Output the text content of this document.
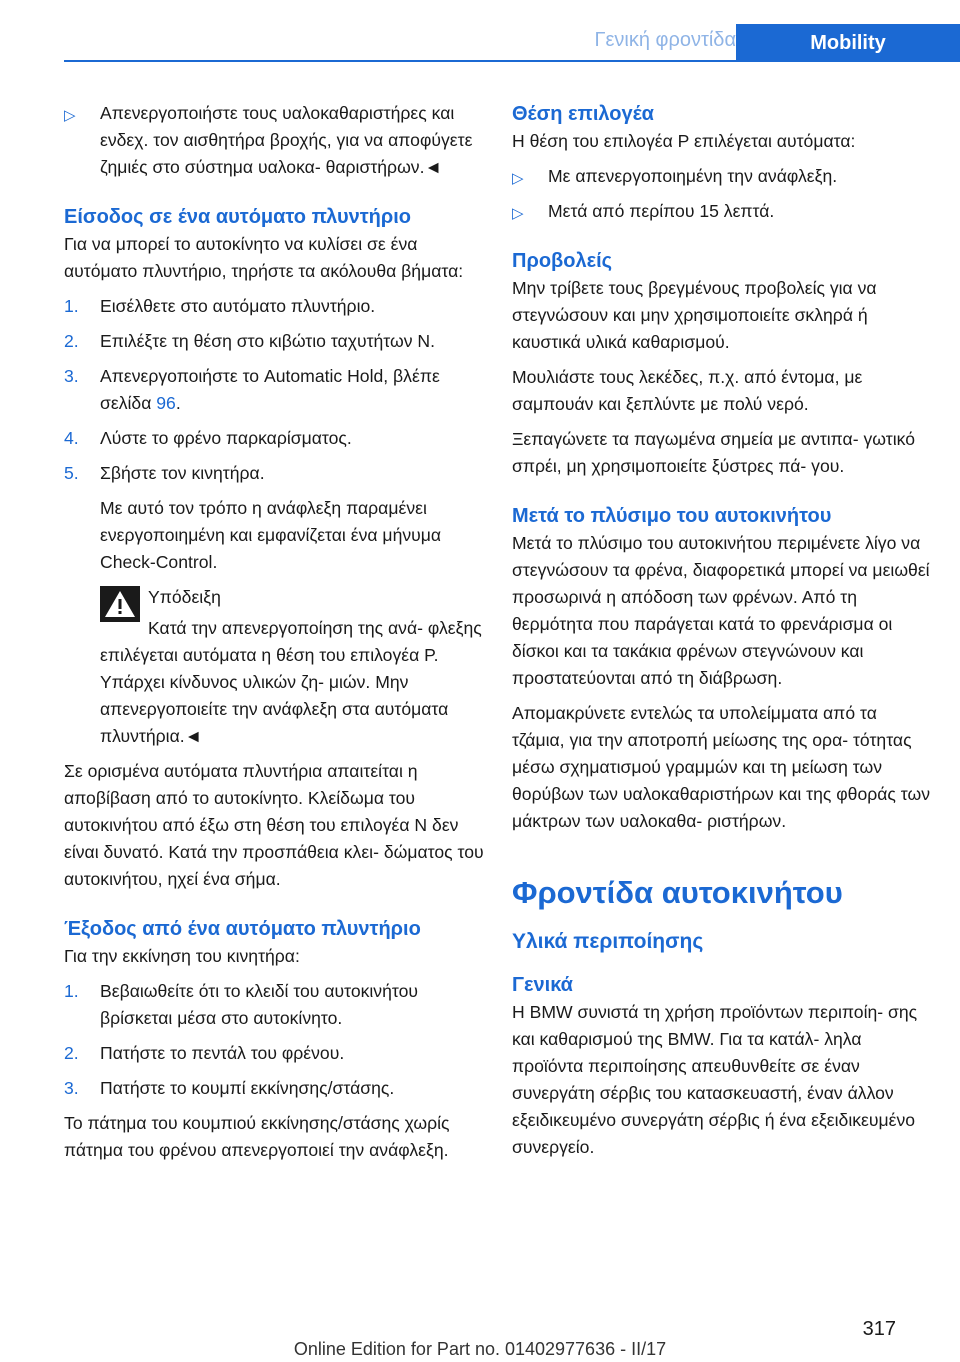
Γενική φροντίδα	Mobility
▷ Απενεργοποιήστε τους υαλοκαθαριστήρες και ενδεχ. τον αισθητήρα βροχής, για να αποφύγετε ζημιές στο σύστημα υαλοκα‐ θαριστήρων.◄
Είσοδος σε ένα αυτόματο πλυντήριο

Για να μπορεί το αυτοκίνητο να κυλίσει σε ένα αυτόματο πλυντήριο, τηρήστε τα ακόλουθα βήματα:

1. Εισέλθετε στο αυτόματο πλυντήριο.
2. Επιλέξτε τη θέση στο κιβώτιο ταχυτήτων N.
3. Απενεργοποιήστε το Automatic Hold, βλέπε σελίδα 96.
4. Λύστε το φρένο παρκαρίσματος.
5. Σβήστε τον κινητήρα.
Με αυτό τον τρόπο η ανάφλεξη παραμένει ενεργοποιημένη και εμφανίζεται ένα μήνυμα Check-Control.
Υπόδειξη
Κατά την απενεργοποίηση της ανά‐ φλεξης επιλέγεται αυτόματα η θέση του επιλογέα P. Υπάρχει κίνδυνος υλικών ζη‐ μιών. Μην απενεργοποιείτε την ανάφλεξη στα αυτόματα πλυντήρια.◄

Σε ορισμένα αυτόματα πλυντήρια απαιτείται η αποβίβαση από το αυτοκίνητο. Κλείδωμα του αυτοκινήτου από έξω στη θέση του επιλογέα N δεν είναι δυνατό. Κατά την προσπάθεια κλει‐ δώματος του αυτοκινήτου, ηχεί ένα σήμα.

Έξοδος από ένα αυτόματο πλυντήριο

Για την εκκίνηση του κινητήρα:

1. Βεβαιωθείτε ότι το κλειδί του αυτοκινήτου βρίσκεται μέσα στο αυτοκίνητο.
2. Πατήστε το πεντάλ του φρένου.
3. Πατήστε το κουμπί εκκίνησης/στάσης.

Το πάτημα του κουμπιού εκκίνησης/στάσης χωρίς πάτημα του φρένου απενεργοποιεί την ανάφλεξη.

Θέση επιλογέα

Η θέση του επιλογέα P επιλέγεται αυτόματα:

▷ Με απενεργοποιημένη την ανάφλεξη.
▷ Μετά από περίπου 15 λεπτά.
Προβολείς

Μην τρίβετε τους βρεγμένους προβολείς για να στεγνώσουν και μην χρησιμοποιείτε σκληρά ή καυστικά υλικά καθαρισμού.

Μουλιάστε τους λεκέδες, π.χ. από έντομα, με σαμπουάν και ξεπλύντε με πολύ νερό.

Ξεπαγώνετε τα παγωμένα σημεία με αντιπα‐ γωτικό σπρέι, μη χρησιμοποιείτε ξύστρες πά‐ γου.

Μετά το πλύσιμο του αυτοκινήτου

Μετά το πλύσιμο του αυτοκινήτου περιμένετε λίγο να στεγνώσουν τα φρένα, διαφορετικά μπορεί να μειωθεί προσωρινά η απόδοση των φρένων. Από τη θερμότητα που παράγεται κατά το φρενάρισμα οι δίσκοι και τα τακάκια φρένων στεγνώνουν και προστατεύονται από τη διάβρωση.

Απομακρύνετε εντελώς τα υπολείμματα από τα τζάμια, για την αποτροπή μείωσης της ορα‐ τότητας μέσω σχηματισμού γραμμών και τη μείωση των θορύβων των υαλοκαθαριστήρων και της φθοράς των μάκτρων των υαλοκαθα‐ ριστήρων.

Φροντίδα αυτοκινήτου
Υλικά περιποίησης
Γενικά

Η BMW συνιστά τη χρήση προϊόντων περιποίη‐ σης και καθαρισμού της BMW. Για τα κατάλ‐ ληλα προϊόντα περιποίησης απευθυνθείτε σε έναν συνεργάτη σέρβις του κατασκευαστή, έναν άλλον εξειδικευμένο συνεργάτη σέρβις ή ένα εξειδικευμένο συνεργείο.

317
Online Edition for Part no. 01402977636 - II/17
